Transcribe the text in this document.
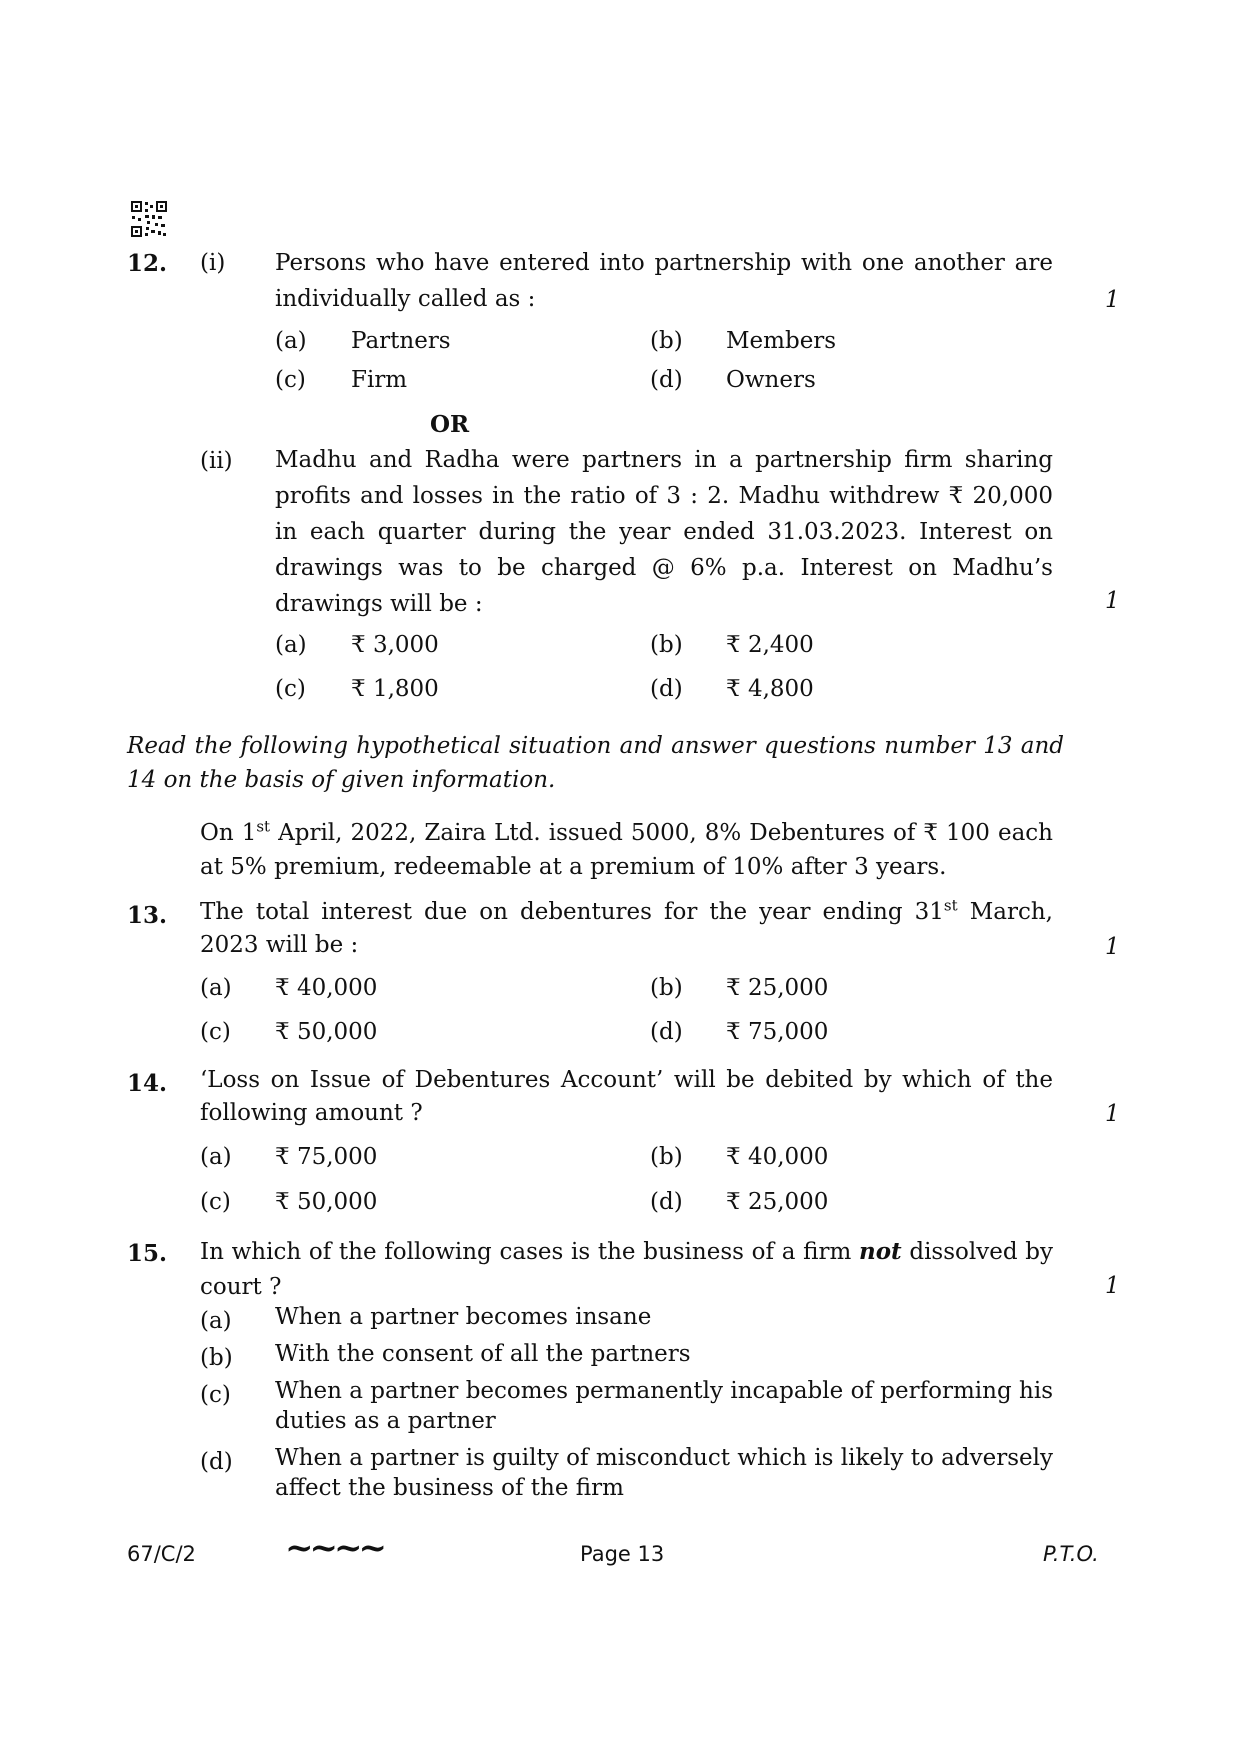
12. (i) Persons who have entered into partnership with one another are individually called as :	1
(a) Partners	(b) Members
(c) Firm	(d) Owners
OR
(ii) Madhu and Radha were partners in a partnership firm sharing profits and losses in the ratio of 3 : 2. Madhu withdrew ₹ 20,000 in each quarter during the year ended 31.03.2023. Interest on drawings was to be charged @ 6% p.a. Interest on Madhu’s drawings will be :	1
(a) ₹ 3,000	(b) ₹ 2,400
(c) ₹ 1,800	(d) ₹ 4,800
Read the following hypothetical situation and answer questions number 13 and 14 on the basis of given information.
On 1st April, 2022, Zaira Ltd. issued 5000, 8% Debentures of ₹ 100 each at 5% premium, redeemable at a premium of 10% after 3 years.
13. The total interest due on debentures for the year ending 31st March, 2023 will be :	1
(a) ₹ 40,000	(b) ₹ 25,000
(c) ₹ 50,000	(d) ₹ 75,000
14. ‘Loss on Issue of Debentures Account’ will be debited by which of the following amount ?	1
(a) ₹ 75,000	(b) ₹ 40,000
(c) ₹ 50,000	(d) ₹ 25,000
15. In which of the following cases is the business of a firm not dissolved by court ?	1
(a) When a partner becomes insane
(b) With the consent of all the partners
(c) When a partner becomes permanently incapable of performing his duties as a partner
(d) When a partner is guilty of misconduct which is likely to adversely affect the business of the firm
67/C/2	~~~~	Page 13	P.T.O.
